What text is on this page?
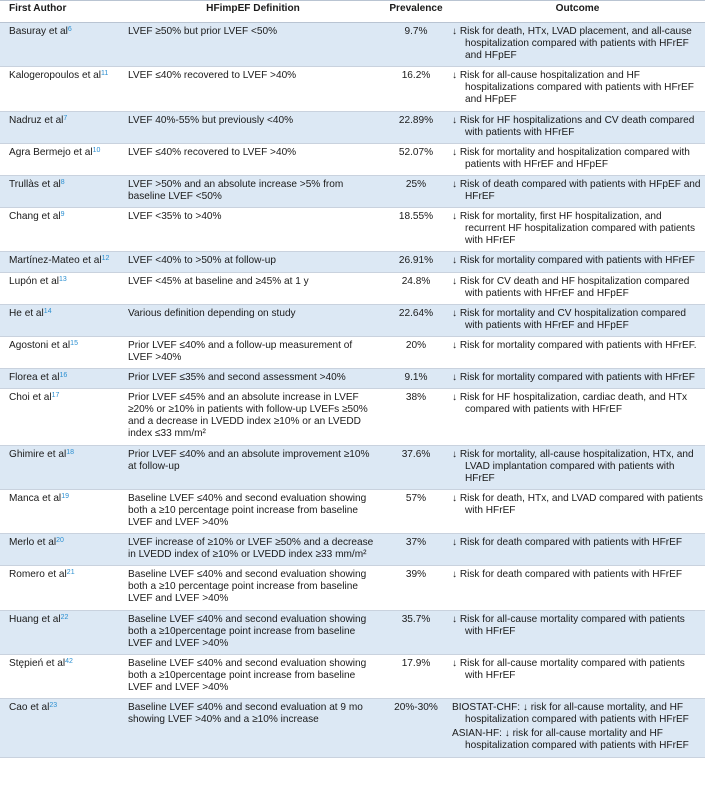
First Author	HFimpEF Definition	Prevalence	Outcome
Basuray et al$^6$	LVEF ≥50% but prior LVEF <50%	9.7%	↓ Risk for death, HTx, LVAD placement, and all-cause hospitalization compared with patients with HFrEF and HFpEF

Kalogeropoulos et al$^{11}$	LVEF ≤40% recovered to LVEF >40%	16.2%	↓ Risk for all-cause hospitalization and HF hospitalizations compared with patients with HFrEF and HFpEF

Nadruz et al$^7$	LVEF 40%-55% but previously <40%	22.89%	↓ Risk for HF hospitalizations and CV death compared with patients with HFrEF

Agra Bermejo et al$^{10}$	LVEF ≤40% recovered to LVEF >40%	52.07%	↓ Risk for mortality and hospitalization compared with patients with HFrEF and HFpEF

Trullàs et al$^8$	LVEF >50% and an absolute increase >5% from baseline LVEF <50%	25%	↓ Risk of death compared with patients with HFpEF and HFrEF

Chang et al$^9$	LVEF <35% to >40%	18.55%	↓ Risk for mortality, first HF hospitalization, and recurrent HF hospitalization compared with patients with HFrEF

Martínez-Mateo et al$^{12}$	LVEF <40% to >50% at follow-up	26.91%	↓ Risk for mortality compared with patients with HFrEF

Lupón et al$^{13}$	LVEF <45% at baseline and ≥45% at 1 y	24.8%	↓ Risk for CV death and HF hospitalization compared with patients with HFrEF and HFpEF

He et al$^{14}$	Various definition depending on study	22.64%	↓ Risk for mortality and CV hospitalization compared with patients with HFrEF and HFpEF

Agostoni et al$^{15}$	Prior LVEF ≤40% and a follow-up measurement of LVEF >40%	20%	↓ Risk for mortality compared with patients with HFrEF.

Florea et al$^{16}$	Prior LVEF ≤35% and second assessment >40%	9.1%	↓ Risk for mortality compared with patients with HFrEF

Choi et al$^{17}$	Prior LVEF ≤45% and an absolute increase in LVEF ≥20% or ≥10% in patients with follow-up LVEFs ≥50% and a decrease in LVEDD index ≥10% or an LVEDD index ≤33 mm/m²	38%	↓ Risk for HF hospitalization, cardiac death, and HTx compared with patients with HFrEF

Ghimire et al$^{18}$	Prior LVEF ≤40% and an absolute improvement ≥10% at follow-up	37.6%	↓ Risk for mortality, all-cause hospitalization, HTx, and LVAD implantation compared with patients with HFrEF

Manca et al$^{19}$	Baseline LVEF ≤40% and second evaluation showing both a ≥10 percentage point increase from baseline LVEF and LVEF >40%	57%	↓ Risk for death, HTx, and LVAD compared with patients with HFrEF

Merlo et al$^{20}$	LVEF increase of ≥10% or LVEF ≥50% and a decrease in LVEDD index of ≥10% or LVEDD index ≥33 mm/m²	37%	↓ Risk for death compared with patients with HFrEF

Romero et al$^{21}$	Baseline LVEF ≤40% and second evaluation showing both a ≥10 percentage point increase from baseline LVEF and LVEF >40%	39%	↓ Risk for death compared with patients with HFrEF

Huang et al$^{22}$	Baseline LVEF ≤40% and second evaluation showing both a ≥10percentage point increase from baseline LVEF and LVEF >40%	35.7%	↓ Risk for all-cause mortality compared with patients with HFrEF

Stępień et al$^{42}$	Baseline LVEF ≤40% and second evaluation showing both a ≥10percentage point increase from baseline LVEF and LVEF >40%	17.9%	↓ Risk for all-cause mortality compared with patients with HFrEF

Cao et al$^{23}$	Baseline LVEF ≤40% and second evaluation at 9 mo showing LVEF >40% and a ≥10% increase	20%-30%	BIOSTAT-CHF: ↓ risk for all-cause mortality, and HF hospitalization compared with patients with HFrEF
ASIAN-HF: ↓ risk for all-cause mortality and HF hospitalization compared with patients with HFrEF
